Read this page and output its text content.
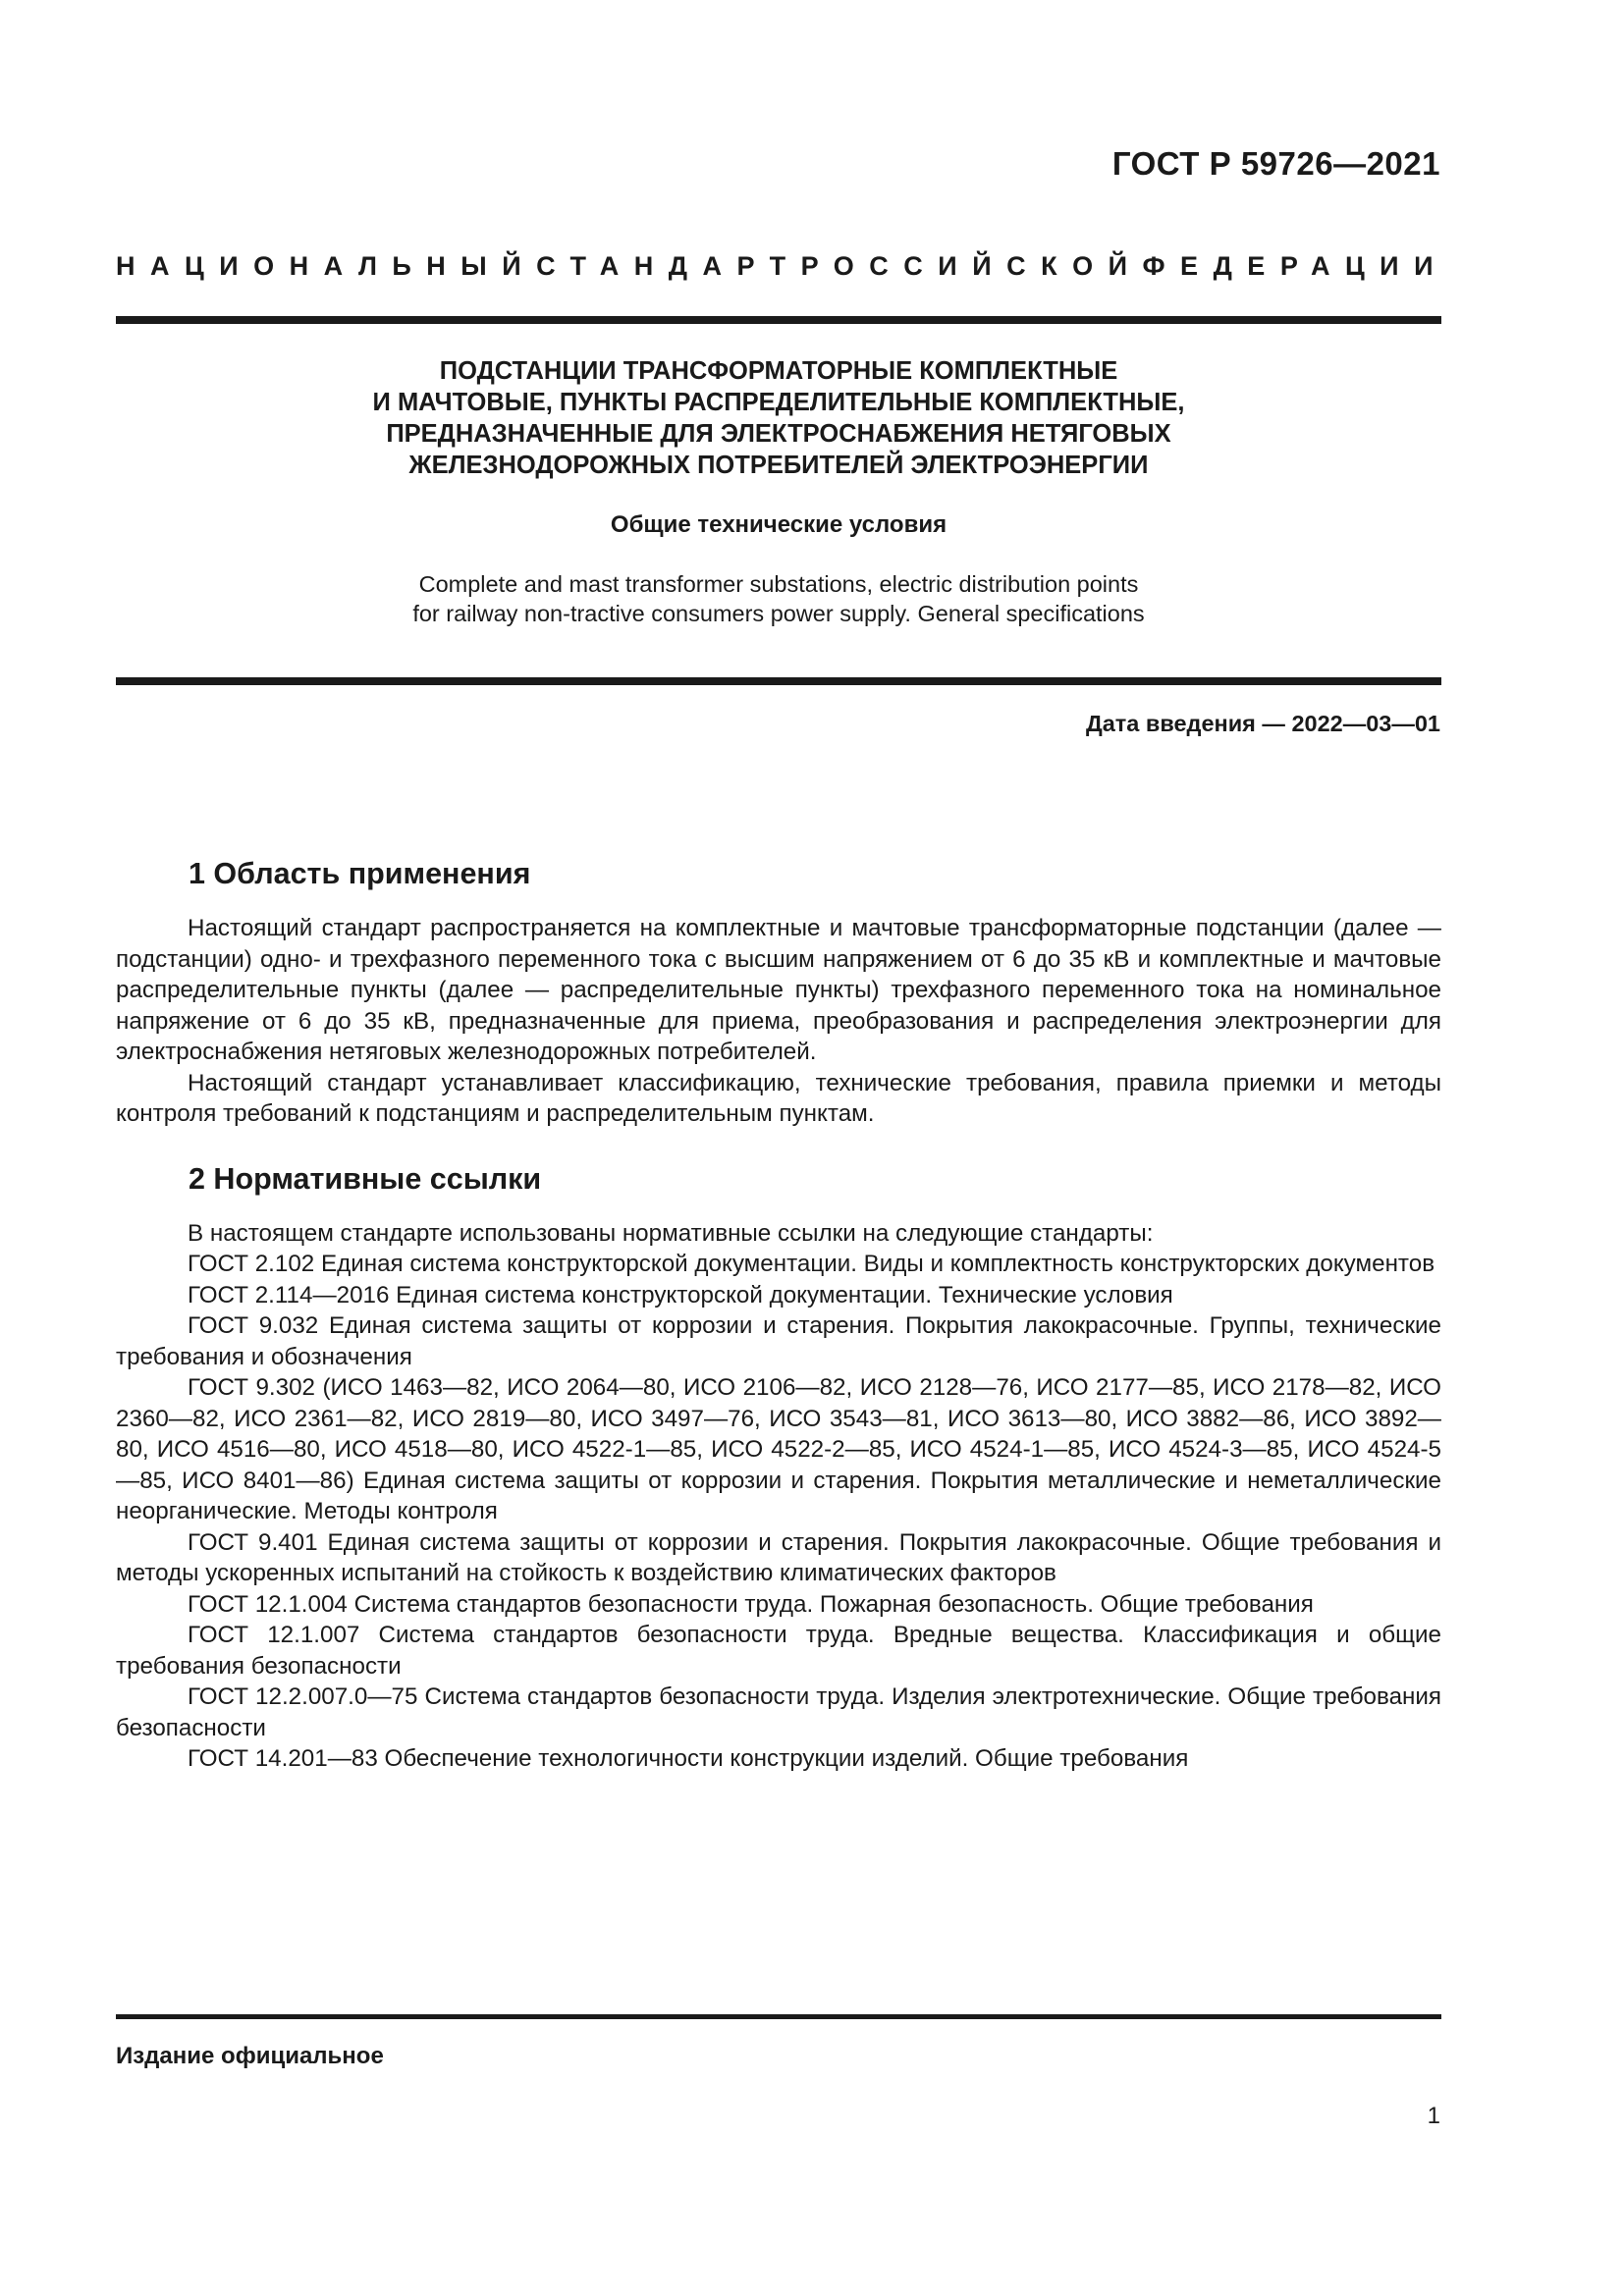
ГОСТ Р 59726—2021
НАЦИОНАЛЬНЫЙ СТАНДАРТ РОССИЙСКОЙ ФЕДЕРАЦИИ

ПОДСТАНЦИИ ТРАНСФОРМАТОРНЫЕ КОМПЛЕКТНЫЕ

И МАЧТОВЫЕ, ПУНКТЫ РАСПРЕДЕЛИТЕЛЬНЫЕ КОМПЛЕКТНЫЕ,

ПРЕДНАЗНАЧЕННЫЕ ДЛЯ ЭЛЕКТРОСНАБЖЕНИЯ НЕТЯГОВЫХ

ЖЕЛЕЗНОДОРОЖНЫХ ПОТРЕБИТЕЛЕЙ ЭЛЕКТРОЭНЕРГИИ

Общие технические условия
Complete and mast transformer substations, electric distribution points
for railway non-tractive consumers power supply. General specifications
Дата введения — 2022—03—01
1 Область применения

Настоящий стандарт распространяется на комплектные и мачтовые трансформаторные подстанции (далее — подстанции) одно- и трехфазного переменного тока с высшим напряжением от 6 до 35 кВ и комплектные и мачтовые распределительные пункты (далее — распределительные пункты) трехфазного переменного тока на номинальное напряжение от 6 до 35 кВ, предназначенные для приема, преобразования и распределения электроэнергии для электроснабжения нетяговых железнодорожных потребителей.

Настоящий стандарт устанавливает классификацию, технические требования, правила приемки и методы контроля требований к подстанциям и распределительным пунктам.

2 Нормативные ссылки

В настоящем стандарте использованы нормативные ссылки на следующие стандарты:

ГОСТ 2.102 Единая система конструкторской документации. Виды и комплектность конструкторских документов

ГОСТ 2.114—2016 Единая система конструкторской документации. Технические условия

ГОСТ 9.032 Единая система защиты от коррозии и старения. Покрытия лакокрасочные. Группы, технические требования и обозначения

ГОСТ 9.302 (ИСО 1463—82, ИСО 2064—80, ИСО 2106—82, ИСО 2128—76, ИСО 2177—85, ИСО 2178—82, ИСО 2360—82, ИСО 2361—82, ИСО 2819—80, ИСО 3497—76, ИСО 3543—81, ИСО 3613—80, ИСО 3882—86, ИСО 3892—80, ИСО 4516—80, ИСО 4518—80, ИСО 4522-1—85, ИСО 4522-2—85, ИСО 4524-1—85, ИСО 4524-3—85, ИСО 4524-5—85, ИСО 8401—86) Единая система защиты от коррозии и старения. Покрытия металлические и неметаллические неорганические. Методы контроля

ГОСТ 9.401 Единая система защиты от коррозии и старения. Покрытия лакокрасочные. Общие требования и методы ускоренных испытаний на стойкость к воздействию климатических факторов

ГОСТ 12.1.004 Система стандартов безопасности труда. Пожарная безопасность. Общие требования

ГОСТ 12.1.007 Система стандартов безопасности труда. Вредные вещества. Классификация и общие требования безопасности

ГОСТ 12.2.007.0—75 Система стандартов безопасности труда. Изделия электротехнические. Общие требования безопасности

ГОСТ 14.201—83 Обеспечение технологичности конструкции изделий. Общие требования

Издание официальное
1
